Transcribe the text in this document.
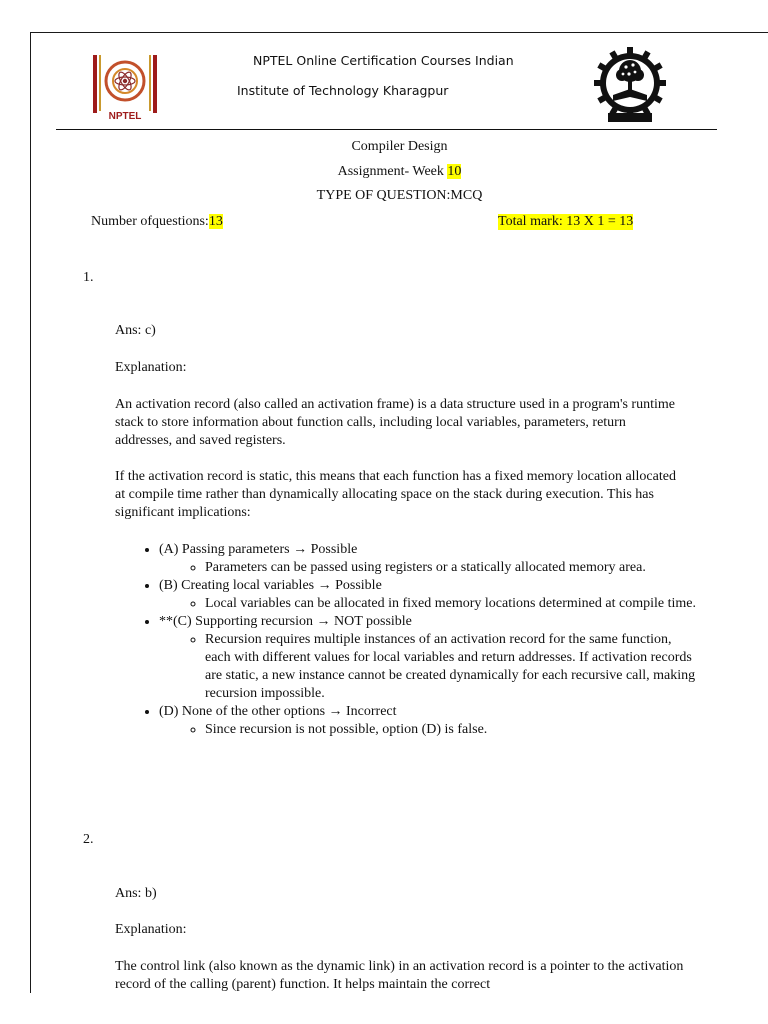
NPTEL
NPTEL Online Certification Courses Indian
Institute of Technology Kharagpur
Compiler Design
Assignment- Week 10
TYPE OF QUESTION:MCQ
Number ofquestions:13	Total mark: 13 X 1 = 13
1.
Ans: c)
Explanation:

An activation record (also called an activation frame) is a data structure used in a program's runtime stack to store information about function calls, including local variables, parameters, return addresses, and saved registers.

If the activation record is static, this means that each function has a fixed memory location allocated at compile time rather than dynamically allocating space on the stack during execution. This has significant implications:

• (A) Passing parameters → Possible
◦ Parameters can be passed using registers or a statically allocated memory area.
• (B) Creating local variables → Possible
◦ Local variables can be allocated in fixed memory locations determined at compile time.
• **(C) Supporting recursion → NOT possible
◦ Recursion requires multiple instances of an activation record for the same function, each with different values for local variables and return addresses. If activation records are static, a new instance cannot be created dynamically for each recursive call, making recursion impossible.
• (D) None of the other options → Incorrect
◦ Since recursion is not possible, option (D) is false.
2.
Ans: b)
Explanation:

The control link (also known as the dynamic link) in an activation record is a pointer to the activation record of the calling (parent) function. It helps maintain the correct
